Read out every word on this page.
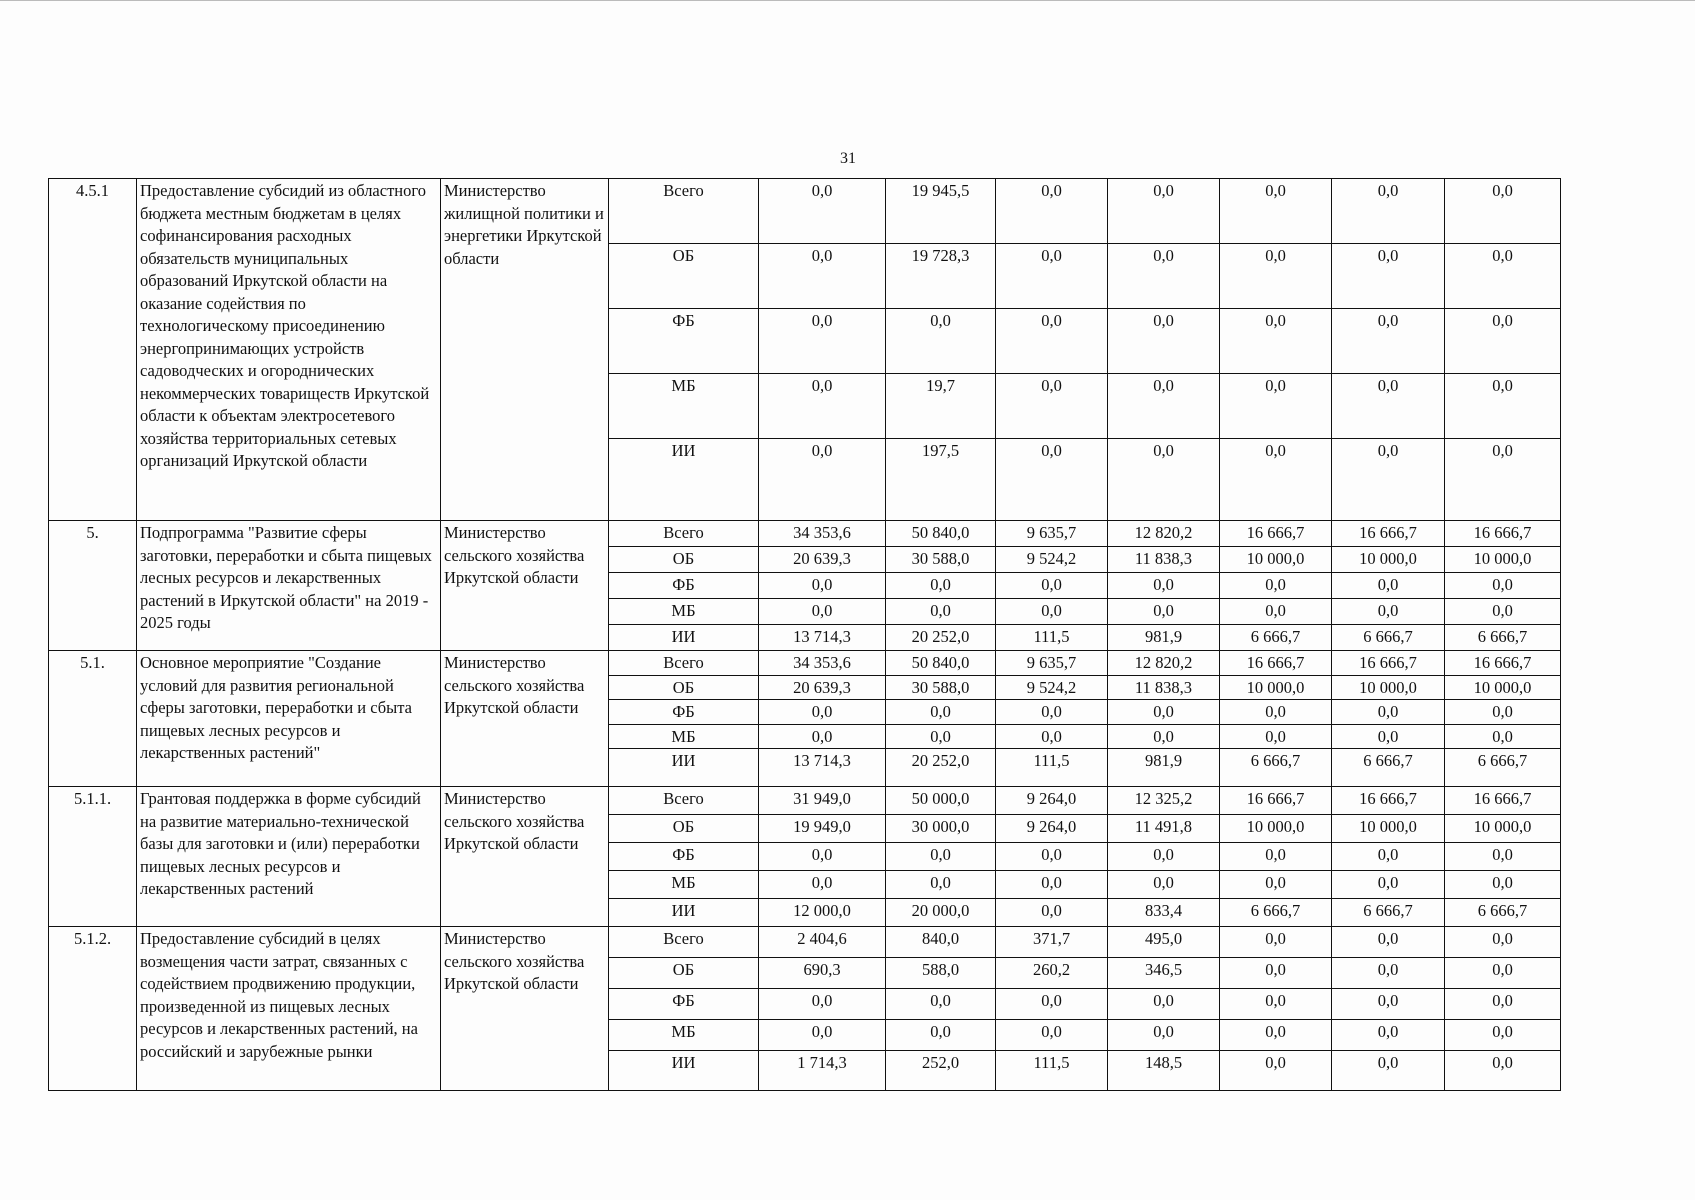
31
4.5.1	Предоставление субсидий из областного бюджета местным бюджетам в целях софинансирования расходных обязательств муниципальных образований Иркутской области на оказание содействия по технологическому присоединению энергопринимающих устройств садоводческих и огороднических некоммерческих товариществ Иркутской области к объектам электросетевого хозяйства территориальных сетевых организаций Иркутской области	Министерство жилищной политики и энергетики Иркутской области	Всего	0,0	19 945,5	0,0	0,0	0,0	0,0	0,0
			ОБ	0,0	19 728,3	0,0	0,0	0,0	0,0	0,0
			ФБ	0,0	0,0	0,0	0,0	0,0	0,0	0,0
			МБ	0,0	19,7	0,0	0,0	0,0	0,0	0,0
			ИИ	0,0	197,5	0,0	0,0	0,0	0,0	0,0
5.	Подпрограмма "Развитие сферы заготовки, переработки и сбыта пищевых лесных ресурсов и лекарственных растений в Иркутской области" на 2019 - 2025 годы	Министерство сельского хозяйства Иркутской области	Всего	34 353,6	50 840,0	9 635,7	12 820,2	16 666,7	16 666,7	16 666,7
			ОБ	20 639,3	30 588,0	9 524,2	11 838,3	10 000,0	10 000,0	10 000,0
			ФБ	0,0	0,0	0,0	0,0	0,0	0,0	0,0
			МБ	0,0	0,0	0,0	0,0	0,0	0,0	0,0
			ИИ	13 714,3	20 252,0	111,5	981,9	6 666,7	6 666,7	6 666,7
5.1.	Основное мероприятие "Создание условий для развития региональной сферы заготовки, переработки и сбыта пищевых лесных ресурсов и лекарственных растений"	Министерство сельского хозяйства Иркутской области	Всего	34 353,6	50 840,0	9 635,7	12 820,2	16 666,7	16 666,7	16 666,7
			ОБ	20 639,3	30 588,0	9 524,2	11 838,3	10 000,0	10 000,0	10 000,0
			ФБ	0,0	0,0	0,0	0,0	0,0	0,0	0,0
			МБ	0,0	0,0	0,0	0,0	0,0	0,0	0,0
			ИИ	13 714,3	20 252,0	111,5	981,9	6 666,7	6 666,7	6 666,7
5.1.1.	Грантовая поддержка в форме субсидий на развитие материально-технической базы для заготовки и (или) переработки пищевых лесных ресурсов и лекарственных растений	Министерство сельского хозяйства Иркутской области	Всего	31 949,0	50 000,0	9 264,0	12 325,2	16 666,7	16 666,7	16 666,7
			ОБ	19 949,0	30 000,0	9 264,0	11 491,8	10 000,0	10 000,0	10 000,0
			ФБ	0,0	0,0	0,0	0,0	0,0	0,0	0,0
			МБ	0,0	0,0	0,0	0,0	0,0	0,0	0,0
			ИИ	12 000,0	20 000,0	0,0	833,4	6 666,7	6 666,7	6 666,7
5.1.2.	Предоставление субсидий в целях возмещения части затрат, связанных с содействием продвижению продукции, произведенной из пищевых лесных ресурсов и лекарственных растений, на российский и зарубежные рынки	Министерство сельского хозяйства Иркутской области	Всего	2 404,6	840,0	371,7	495,0	0,0	0,0	0,0
			ОБ	690,3	588,0	260,2	346,5	0,0	0,0	0,0
			ФБ	0,0	0,0	0,0	0,0	0,0	0,0	0,0
			МБ	0,0	0,0	0,0	0,0	0,0	0,0	0,0
			ИИ	1 714,3	252,0	111,5	148,5	0,0	0,0	0,0
